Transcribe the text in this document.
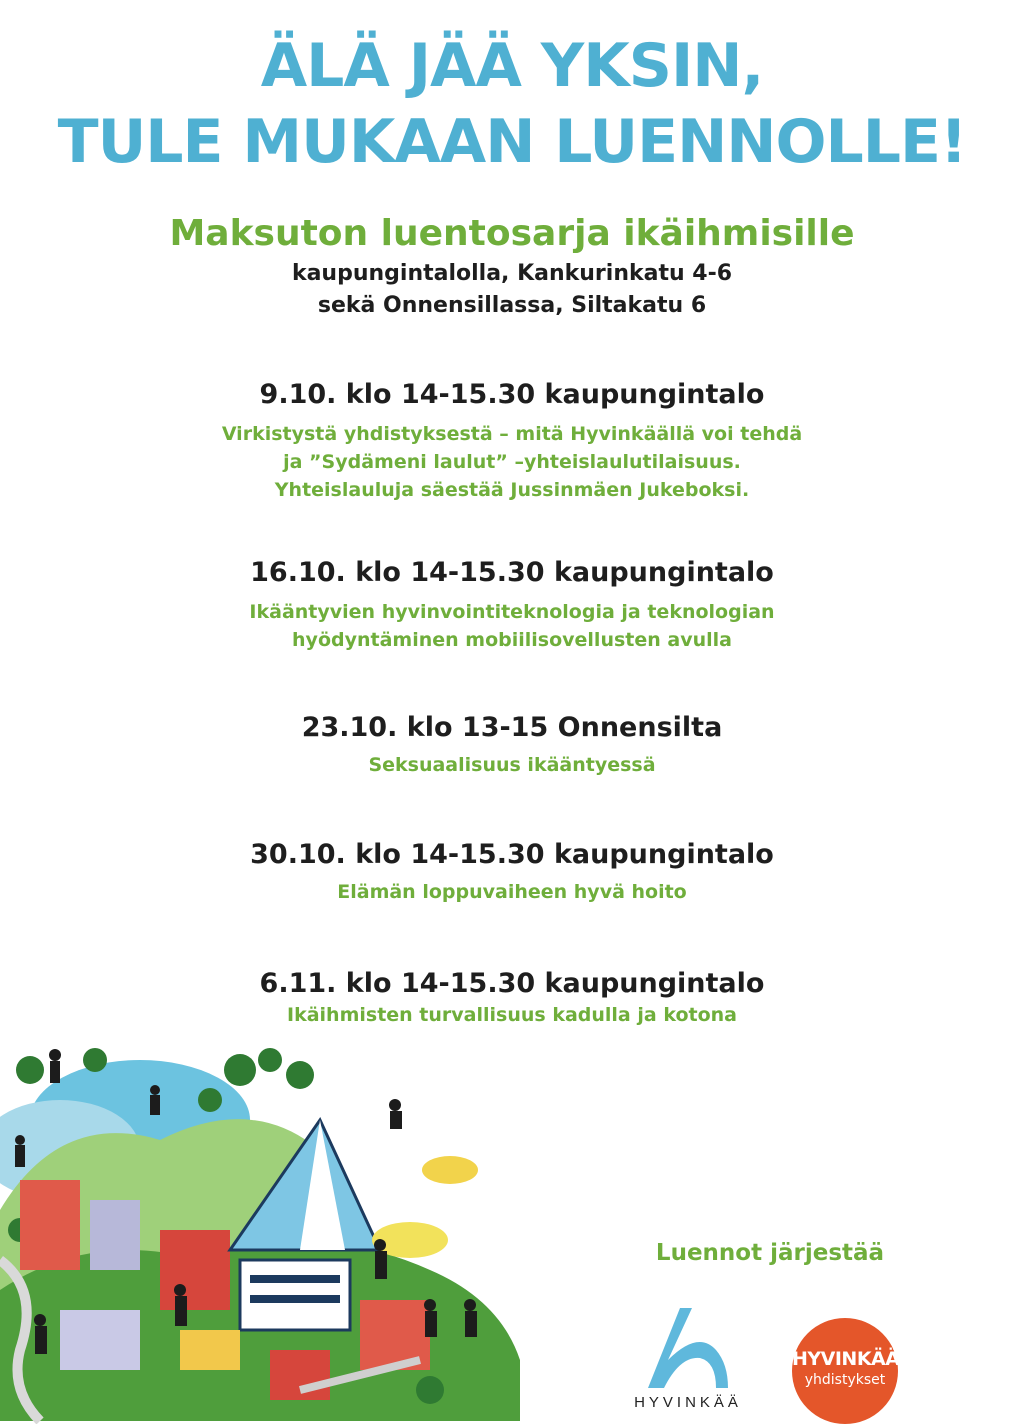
ÄLÄ JÄÄ YKSIN,
TULE MUKAAN LUENNOLLE!
Maksuton luentosarja ikäihmisille
kaupungintalolla, Kankurinkatu 4-6
sekä Onnensillassa, Siltakatu 6
9.10. klo 14-15.30 kaupungintalo
Virkistystä yhdistyksestä – mitä Hyvinkäällä voi tehdä
ja ”Sydämeni laulut” –yhteislaulutilaisuus.
Yhteislauluja säestää Jussinmäen Jukeboksi.
16.10. klo 14-15.30 kaupungintalo
Ikääntyvien hyvinvointiteknologia ja teknologian
hyödyntäminen mobiilisovellusten avulla
23.10. klo 13-15 Onnensilta
Seksuaalisuus ikääntyessä
30.10. klo 14-15.30 kaupungintalo
Elämän loppuvaiheen hyvä hoito
6.11. klo 14-15.30 kaupungintalo
Ikäihmisten turvallisuus kadulla ja kotona
Luennot järjestää
HYVINKÄÄ
HYVINKÄÄN
yhdistykset
